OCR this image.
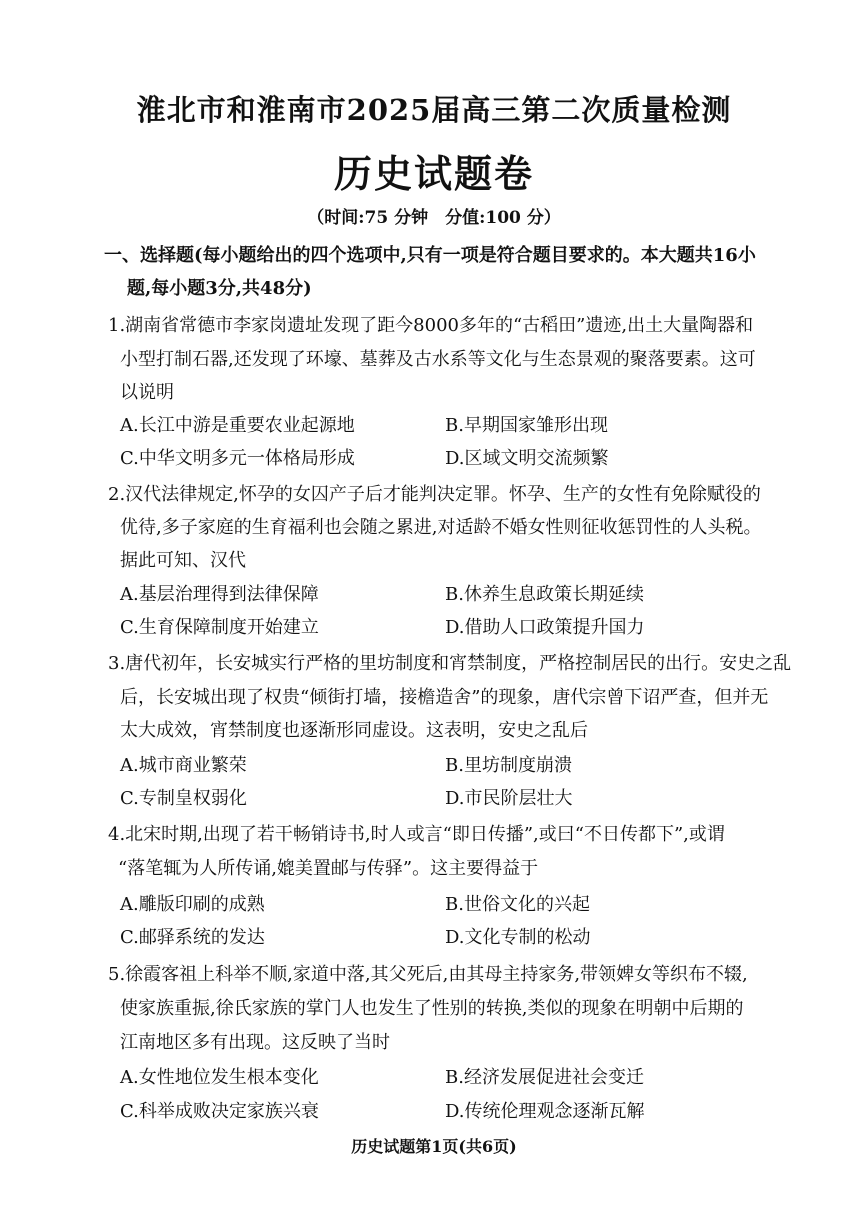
淮北市和淮南市2025届高三第二次质量检测
历史试题卷
（时间:75 分钟　分值:100 分）
一、选择题(每小题给出的四个选项中,只有一项是符合题目要求的。本大题共16小
题,每小题3分,共48分)
1.湖南省常德市李家岗遗址发现了距今8000多年的“古稻田”遗迹,出土大量陶器和
小型打制石器,还发现了环壕、墓葬及古水系等文化与生态景观的聚落要素。这可
以说明
A.长江中游是重要农业起源地	B.早期国家雏形出现
C.中华文明多元一体格局形成	D.区域文明交流频繁
2.汉代法律规定,怀孕的女囚产子后才能判决定罪。怀孕、生产的女性有免除赋役的
优待,多子家庭的生育福利也会随之累进,对适龄不婚女性则征收惩罚性的人头税。
据此可知、汉代
A.基层治理得到法律保障	B.休养生息政策长期延续
C.生育保障制度开始建立	D.借助人口政策提升国力
3.唐代初年，长安城实行严格的里坊制度和宵禁制度，严格控制居民的出行。安史之乱
后，长安城出现了权贵“倾街打墙，接檐造舍”的现象，唐代宗曾下诏严查，但并无
太大成效，宵禁制度也逐渐形同虚设。这表明，安史之乱后
A.城市商业繁荣	B.里坊制度崩溃
C.专制皇权弱化	D.市民阶层壮大
4.北宋时期,出现了若干畅销诗书,时人或言“即日传播”,或曰“不日传都下”,或谓
“落笔辄为人所传诵,媲美置邮与传驿”。这主要得益于
A.雕版印刷的成熟	B.世俗文化的兴起
C.邮驿系统的发达	D.文化专制的松动
5.徐霞客祖上科举不顺,家道中落,其父死后,由其母主持家务,带领婢女等织布不辍,
使家族重振,徐氏家族的掌门人也发生了性别的转换,类似的现象在明朝中后期的
江南地区多有出现。这反映了当时
A.女性地位发生根本变化	B.经济发展促进社会变迁
C.科举成败决定家族兴衰	D.传统伦理观念逐渐瓦解
历史试题第1页(共6页)
